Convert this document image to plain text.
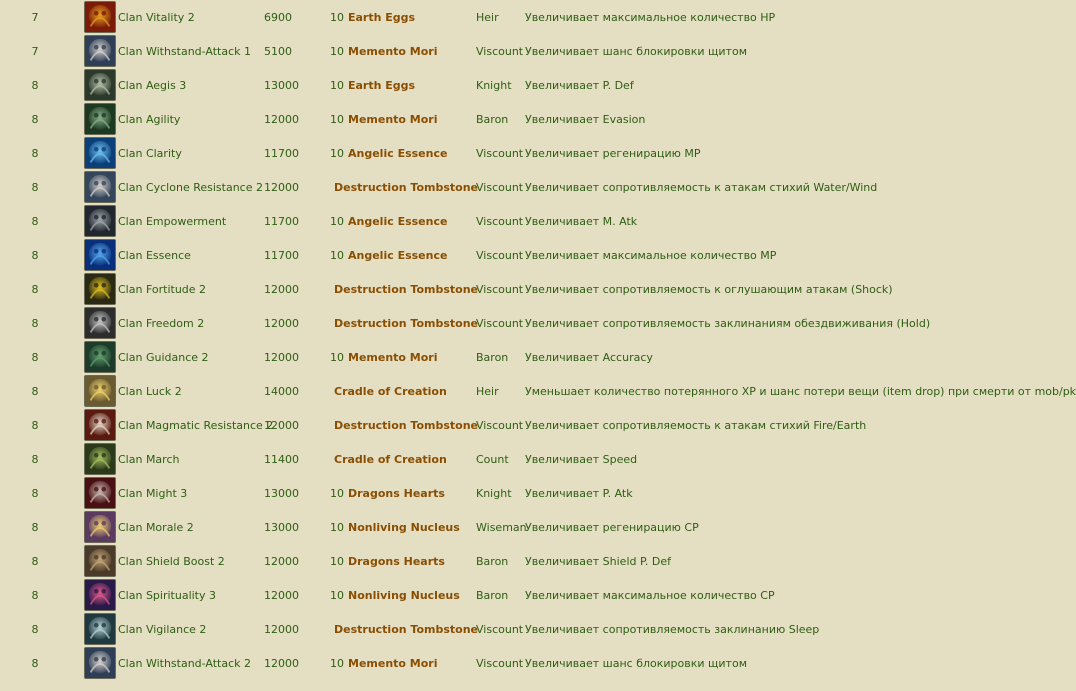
7		Clan Vitality 2	6900	10 Earth Eggs	Heir	Увеличивает максимальное количество HP
7		Clan Withstand-Attack 1	5100	10 Memento Mori	Viscount	Увеличивает шанс блокировки щитом
8		Clan Aegis 3	13000	10 Earth Eggs	Knight	Увеличивает P. Def
8		Clan Agility	12000	10 Memento Mori	Baron	Увеличивает Evasion
8		Clan Clarity	11700	10 Angelic Essence	Viscount	Увеличивает регенирацию MP
8		Clan Cyclone Resistance 2	12000	Destruction Tombstone	Viscount	Увеличивает сопротивляемость к атакам стихий Water/Wind
8		Clan Empowerment	11700	10 Angelic Essence	Viscount	Увеличивает M. Atk
8		Clan Essence	11700	10 Angelic Essence	Viscount	Увеличивает максимальное количество MP
8		Clan Fortitude 2	12000	Destruction Tombstone	Viscount	Увеличивает сопротивляемость к оглушающим атакам (Shock)
8		Clan Freedom 2	12000	Destruction Tombstone	Viscount	Увеличивает сопротивляемость заклинаниям обездвиживания (Hold)
8		Clan Guidance 2	12000	10 Memento Mori	Baron	Увеличивает Accuracy
8		Clan Luck 2	14000	Cradle of Creation	Heir	Уменьшает количество потерянного XP и шанс потери вещи (item drop) при смерти от mob/pk
8		Clan Magmatic Resistance 2	12000	Destruction Tombstone	Viscount	Увеличивает сопротивляемость к атакам стихий Fire/Earth
8		Clan March	11400	Cradle of Creation	Count	Увеличивает Speed
8		Clan Might 3	13000	10 Dragons Hearts	Knight	Увеличивает P. Atk
8		Clan Morale 2	13000	10 Nonliving Nucleus	Wiseman	Увеличивает регенирацию CP
8		Clan Shield Boost 2	12000	10 Dragons Hearts	Baron	Увеличивает Shield P. Def
8		Clan Spirituality 3	12000	10 Nonliving Nucleus	Baron	Увеличивает максимальное количество CP
8		Clan Vigilance 2	12000	Destruction Tombstone	Viscount	Увеличивает сопротивляемость заклинанию Sleep
8		Clan Withstand-Attack 2	12000	10 Memento Mori	Viscount	Увеличивает шанс блокировки щитом
